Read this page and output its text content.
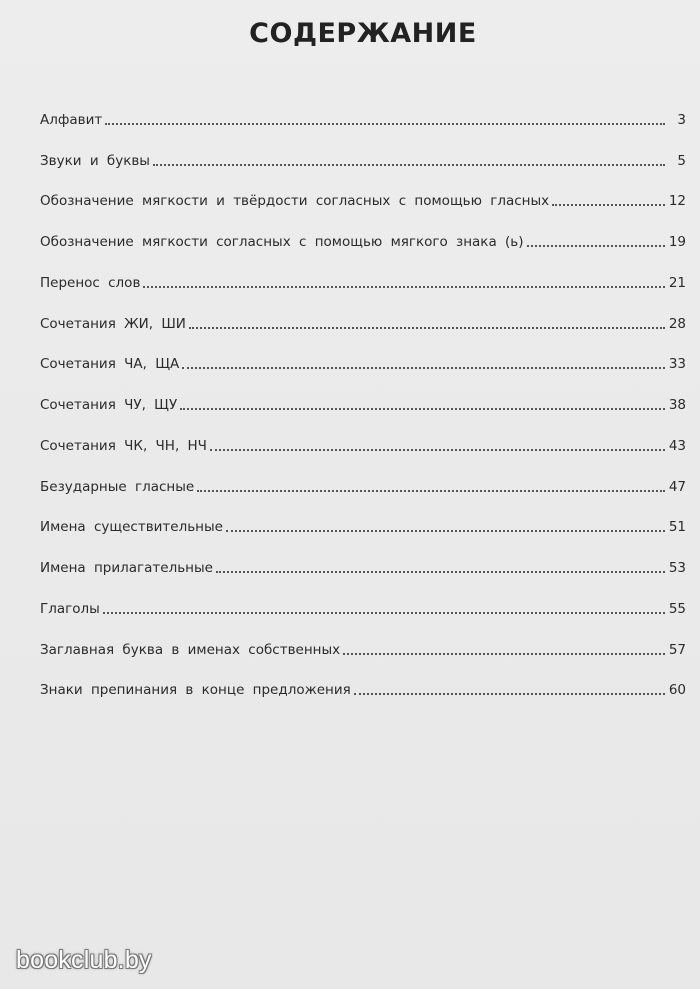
СОДЕРЖАНИЕ
Алфавит	3
Звуки и буквы	5
Обозначение мягкости и твёрдости согласных с помощью гласных	12
Обозначение мягкости согласных с помощью мягкого знака (ь)	19
Перенос слов	21
Сочетания ЖИ, ШИ	28
Сочетания ЧА, ЩА	33
Сочетания ЧУ, ЩУ	38
Сочетания ЧК, ЧН, НЧ	43
Безударные гласные	47
Имена существительные	51
Имена прилагательные	53
Глаголы	55
Заглавная буква в именах собственных	57
Знаки препинания в конце предложения	60
bookclub.by
